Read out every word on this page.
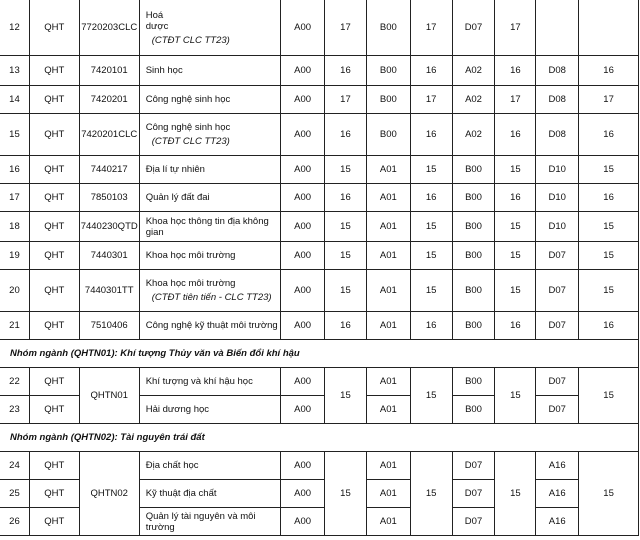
12	QHT	7720203CLC	Hoá
dược
(CTĐT CLC TT23)	A00	17	B00	17	D07	17		
13	QHT	7420101	Sinh học	A00	16	B00	16	A02	16	D08	16
14	QHT	7420201	Công nghệ sinh học	A00	17	B00	17	A02	17	D08	17
15	QHT	7420201CLC	Công nghệ sinh học
(CTĐT CLC TT23)	A00	16	B00	16	A02	16	D08	16
16	QHT	7440217	Địa lí tự nhiên	A00	15	A01	15	B00	15	D10	15
17	QHT	7850103	Quản lý đất đai	A00	16	A01	16	B00	16	D10	16
18	QHT	7440230QTD	Khoa học thông tin địa không gian	A00	15	A01	15	B00	15	D10	15
19	QHT	7440301	Khoa học môi trường	A00	15	A01	15	B00	15	D07	15
20	QHT	7440301TT	Khoa học môi trường
(CTĐT tiên tiến - CLC TT23)	A00	15	A01	15	B00	15	D07	15
21	QHT	7510406	Công nghệ kỹ thuật môi trường	A00	16	A01	16	B00	16	D07	16
Nhóm ngành (QHTN01): Khí tượng Thủy văn và Biến đổi khí hậu											
22	QHT	QHTN01	Khí tượng và khí hậu học	A00	15	A01	15	B00	15	D07	15
23	QHT		Hải dương học	A00		A01		B00		D07	
Nhóm ngành (QHTN02): Tài nguyên trái đất											
24	QHT	QHTN02	Địa chất học	A00	15	A01	15	D07	15	A16	15
25	QHT		Kỹ thuật địa chất	A00		A01		D07		A16	
26	QHT		Quản lý tài nguyên và môi trường	A00		A01		D07		A16	
